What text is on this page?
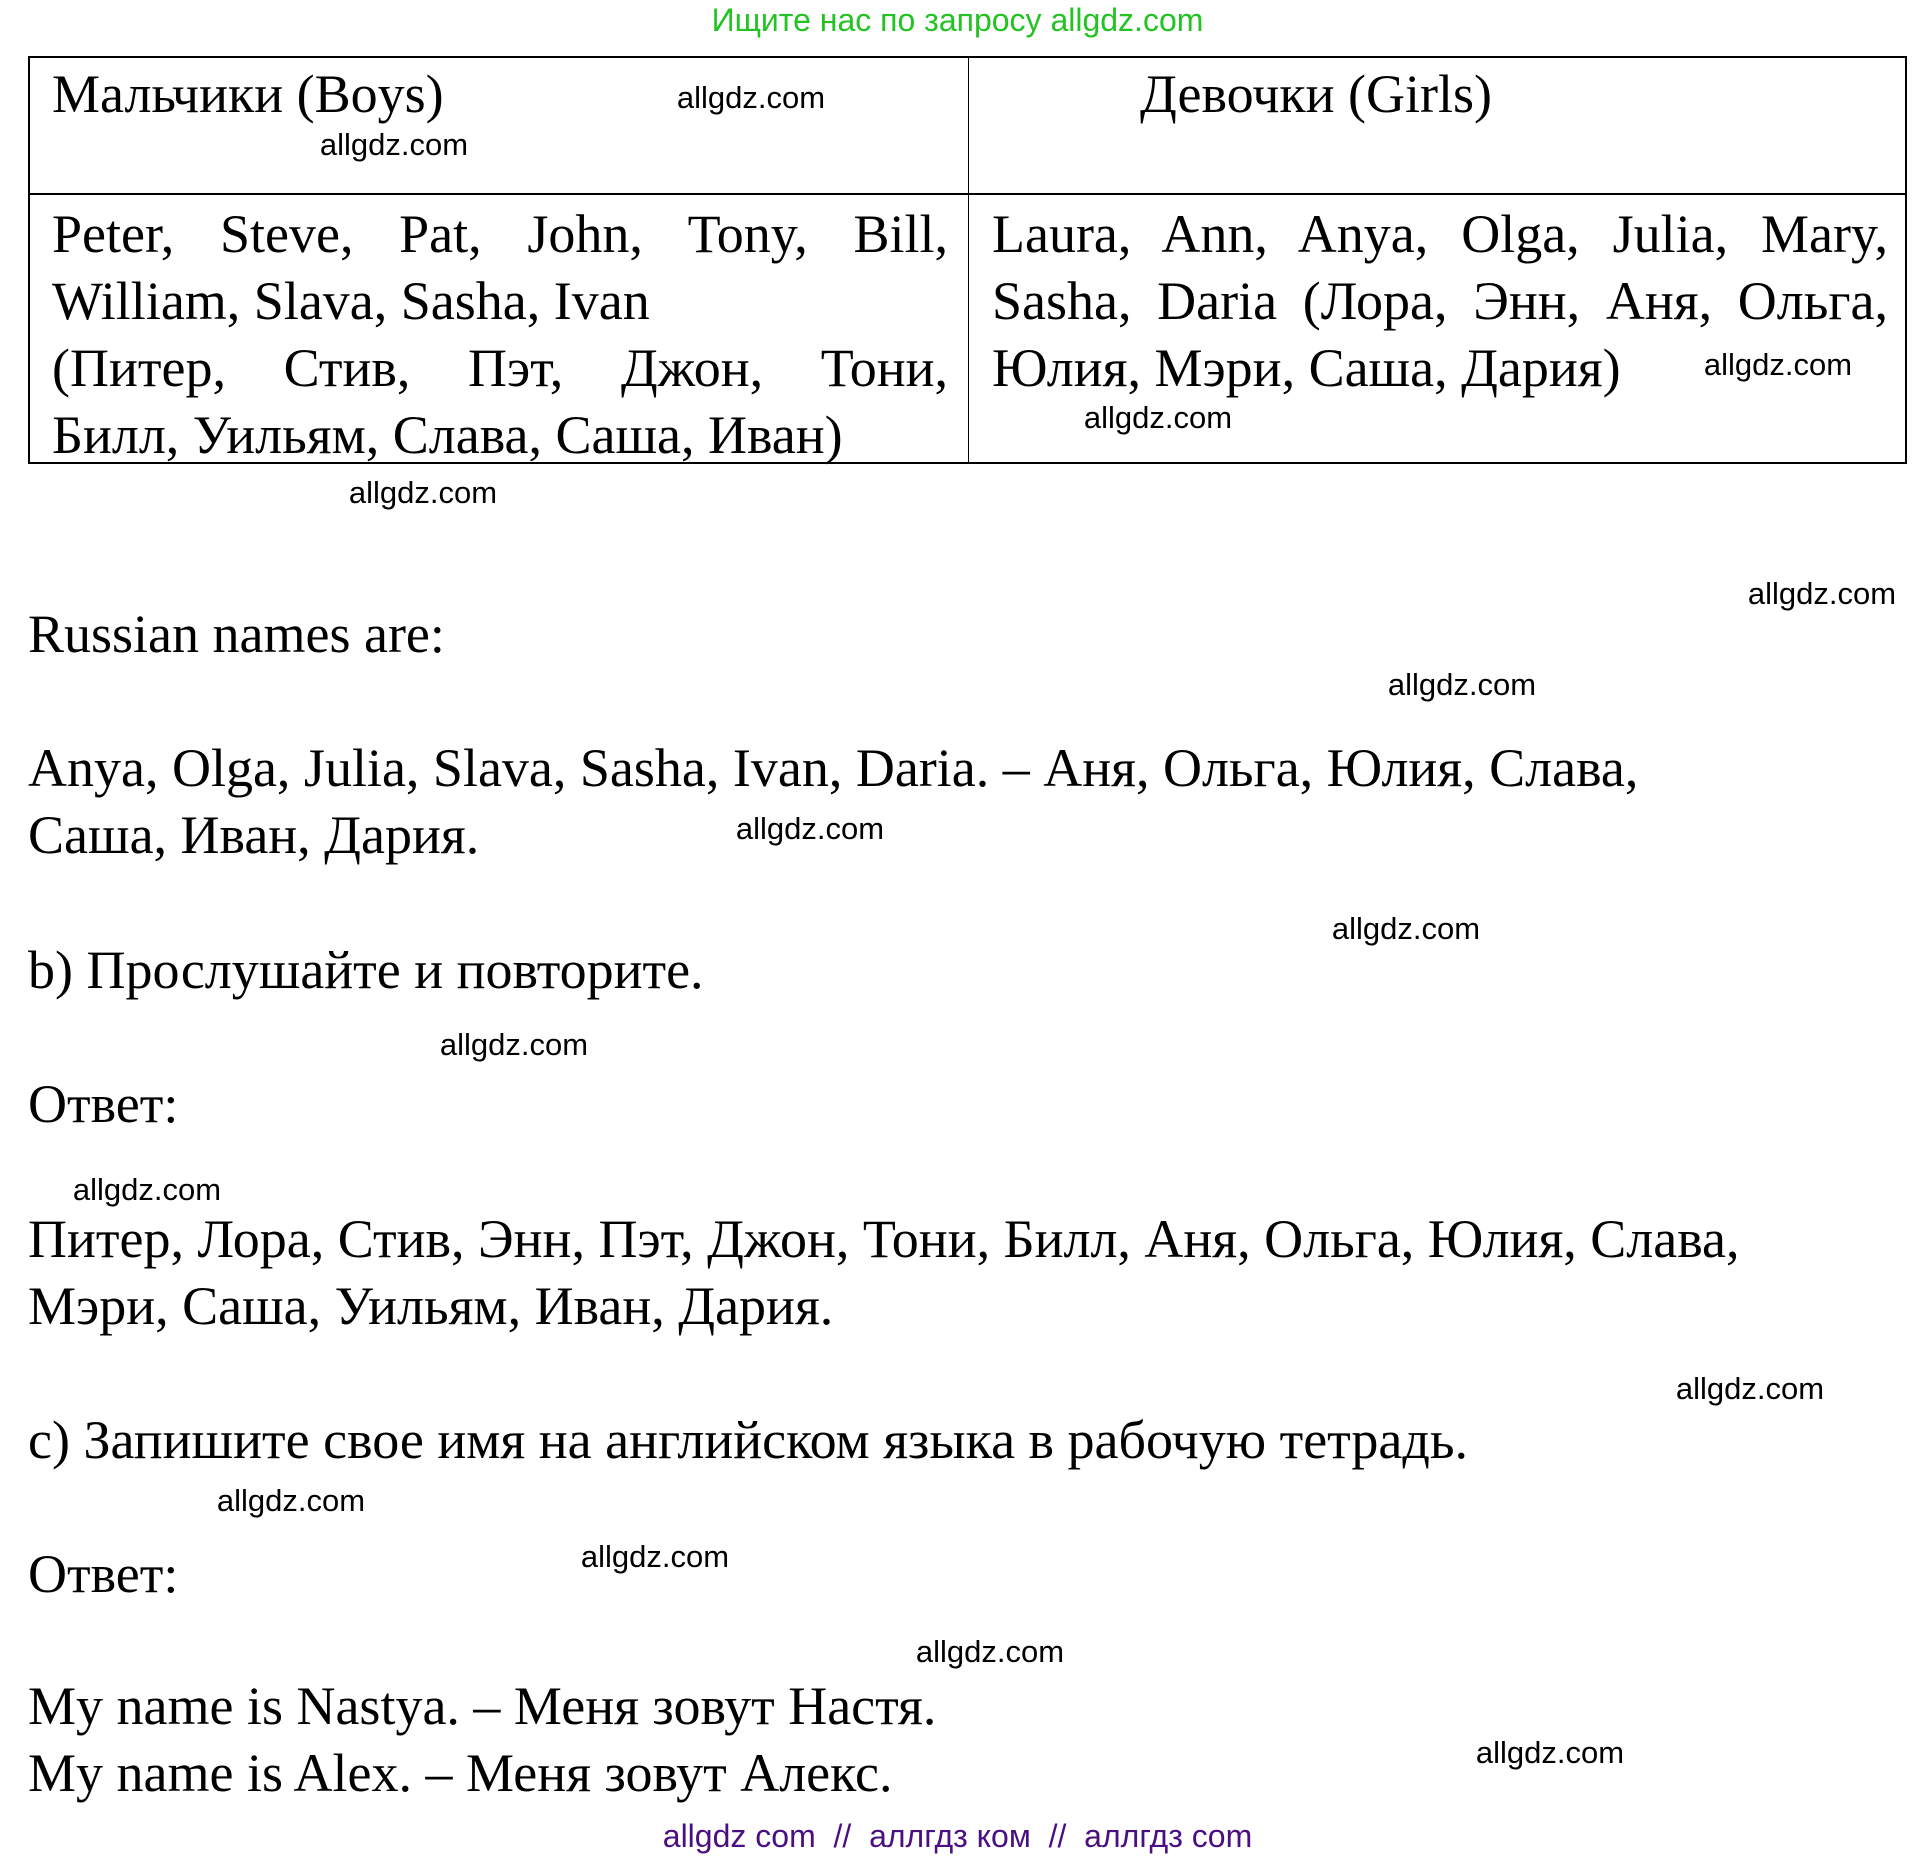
Ищите нас по запросу allgdz.com
Мальчики (Boys)	Девочки (Girls)
Peter, Steve, Pat, John, Tony, Bill,
William, Slava, Sasha, Ivan
(Питер, Стив, Пэт, Джон, Тони,
Билл, Уильям, Слава, Саша, Иван)
Laura, Ann, Anya, Olga, Julia, Mary,
Sasha, Daria (Лора, Энн, Аня, Ольга,
Юлия, Мэри, Саша, Дария)
Russian names are:
Anya, Olga, Julia, Slava, Sasha, Ivan, Daria. – Аня, Ольга, Юлия, Слава,
Саша, Иван, Дария.
b) Прослушайте и повторите.
Ответ:
Питер, Лора, Стив, Энн, Пэт, Джон, Тони, Билл, Аня, Ольга, Юлия, Слава,
Мэри, Саша, Уильям, Иван, Дария.
c) Запишите свое имя на английском языка в рабочую тетрадь.
Ответ:
My name is Nastya. – Меня зовут Настя.
My name is Alex. – Меня зовут Алекс.
allgdz.com
allgdz.com
allgdz.com
allgdz.com
allgdz.com
allgdz.com
allgdz.com
allgdz.com
allgdz.com
allgdz.com
allgdz.com
allgdz.com
allgdz.com
allgdz.com
allgdz.com
allgdz.com
allgdz com  //  аллгдз ком  //  аллгдз com
